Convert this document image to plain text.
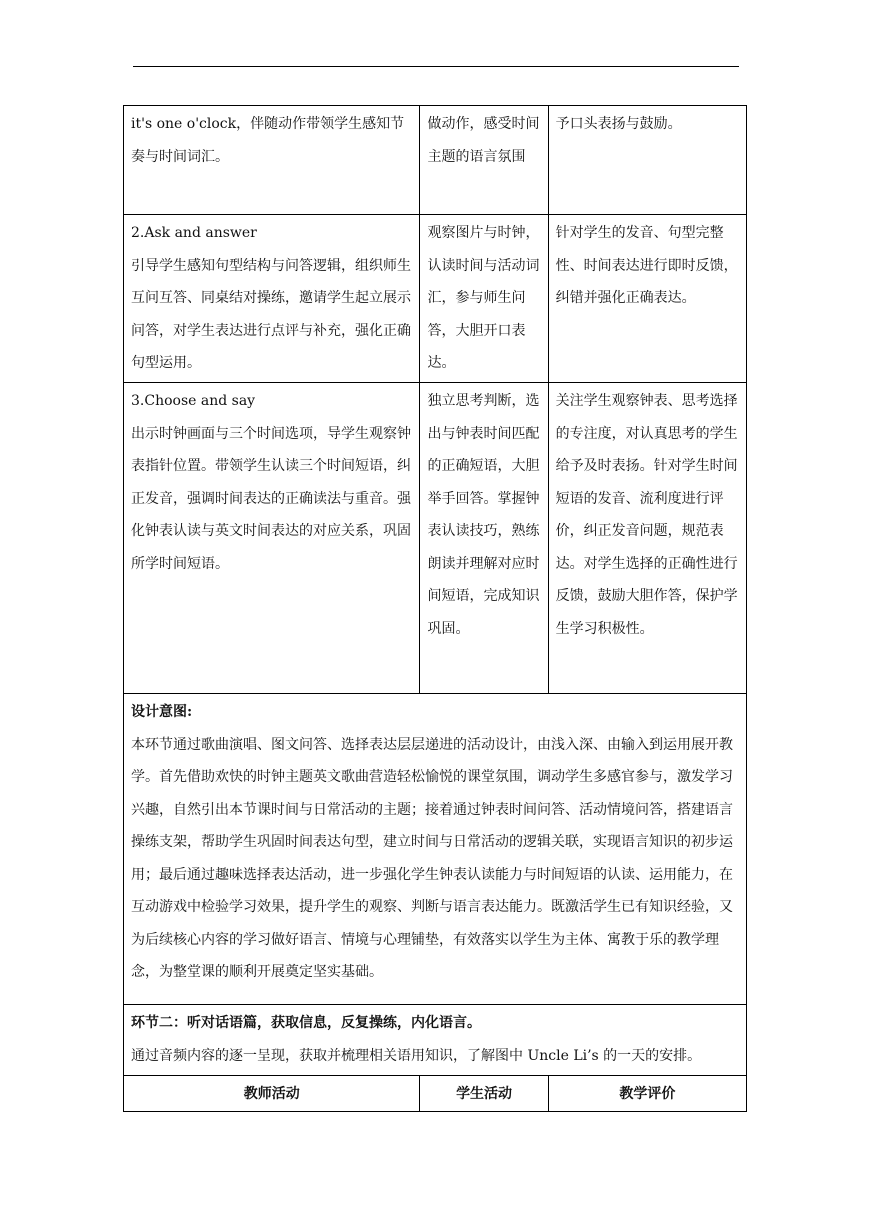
it's one o'clock，伴随动作带领学生感知节奏与时间词汇。	做动作，感受时间主题的语言氛围	予口头表扬与鼓励。

2.Ask and answer
引导学生感知句型结构与问答逻辑，组织师生互问互答、同桌结对操练，邀请学生起立展示问答，对学生表达进行点评与补充，强化正确句型运用。	观察图片与时钟，认读时间与活动词汇，参与师生问答，大胆开口表达。	针对学生的发音、句型完整性、时间表达进行即时反馈，纠错并强化正确表达。

3.Choose and say
出示时钟画面与三个时间选项，导学生观察钟表指针位置。带领学生认读三个时间短语，纠正发音，强调时间表达的正确读法与重音。强化钟表认读与英文时间表达的对应关系，巩固所学时间短语。	独立思考判断，选出与钟表时间匹配的正确短语，大胆举手回答。掌握钟表认读技巧，熟练朗读并理解对应时间短语，完成知识巩固。	关注学生观察钟表、思考选择的专注度，对认真思考的学生给予及时表扬。针对学生时间短语的发音、流利度进行评价，纠正发音问题，规范表达。对学生选择的正确性进行反馈，鼓励大胆作答，保护学生学习积极性。

设计意图:
本环节通过歌曲演唱、图文问答、选择表达层层递进的活动设计，由浅入深、由输入到运用展开教学。首先借助欢快的时钟主题英文歌曲营造轻松愉悦的课堂氛围，调动学生多感官参与，激发学习兴趣，自然引出本节课时间与日常活动的主题；接着通过钟表时间问答、活动情境问答，搭建语言操练支架，帮助学生巩固时间表达句型，建立时间与日常活动的逻辑关联，实现语言知识的初步运用；最后通过趣味选择表达活动，进一步强化学生钟表认读能力与时间短语的认读、运用能力，在互动游戏中检验学习效果，提升学生的观察、判断与语言表达能力。既激活学生已有知识经验，又为后续核心内容的学习做好语言、情境与心理铺垫，有效落实以学生为主体、寓教于乐的教学理念，为整堂课的顺利开展奠定坚实基础。		

环节二：听对话语篇，获取信息，反复操练，内化语言。
通过音频内容的逐一呈现，获取并梳理相关语用知识，了解图中 Uncle Li’s 的一天的安排。		
教师活动	学生活动	教学评价
